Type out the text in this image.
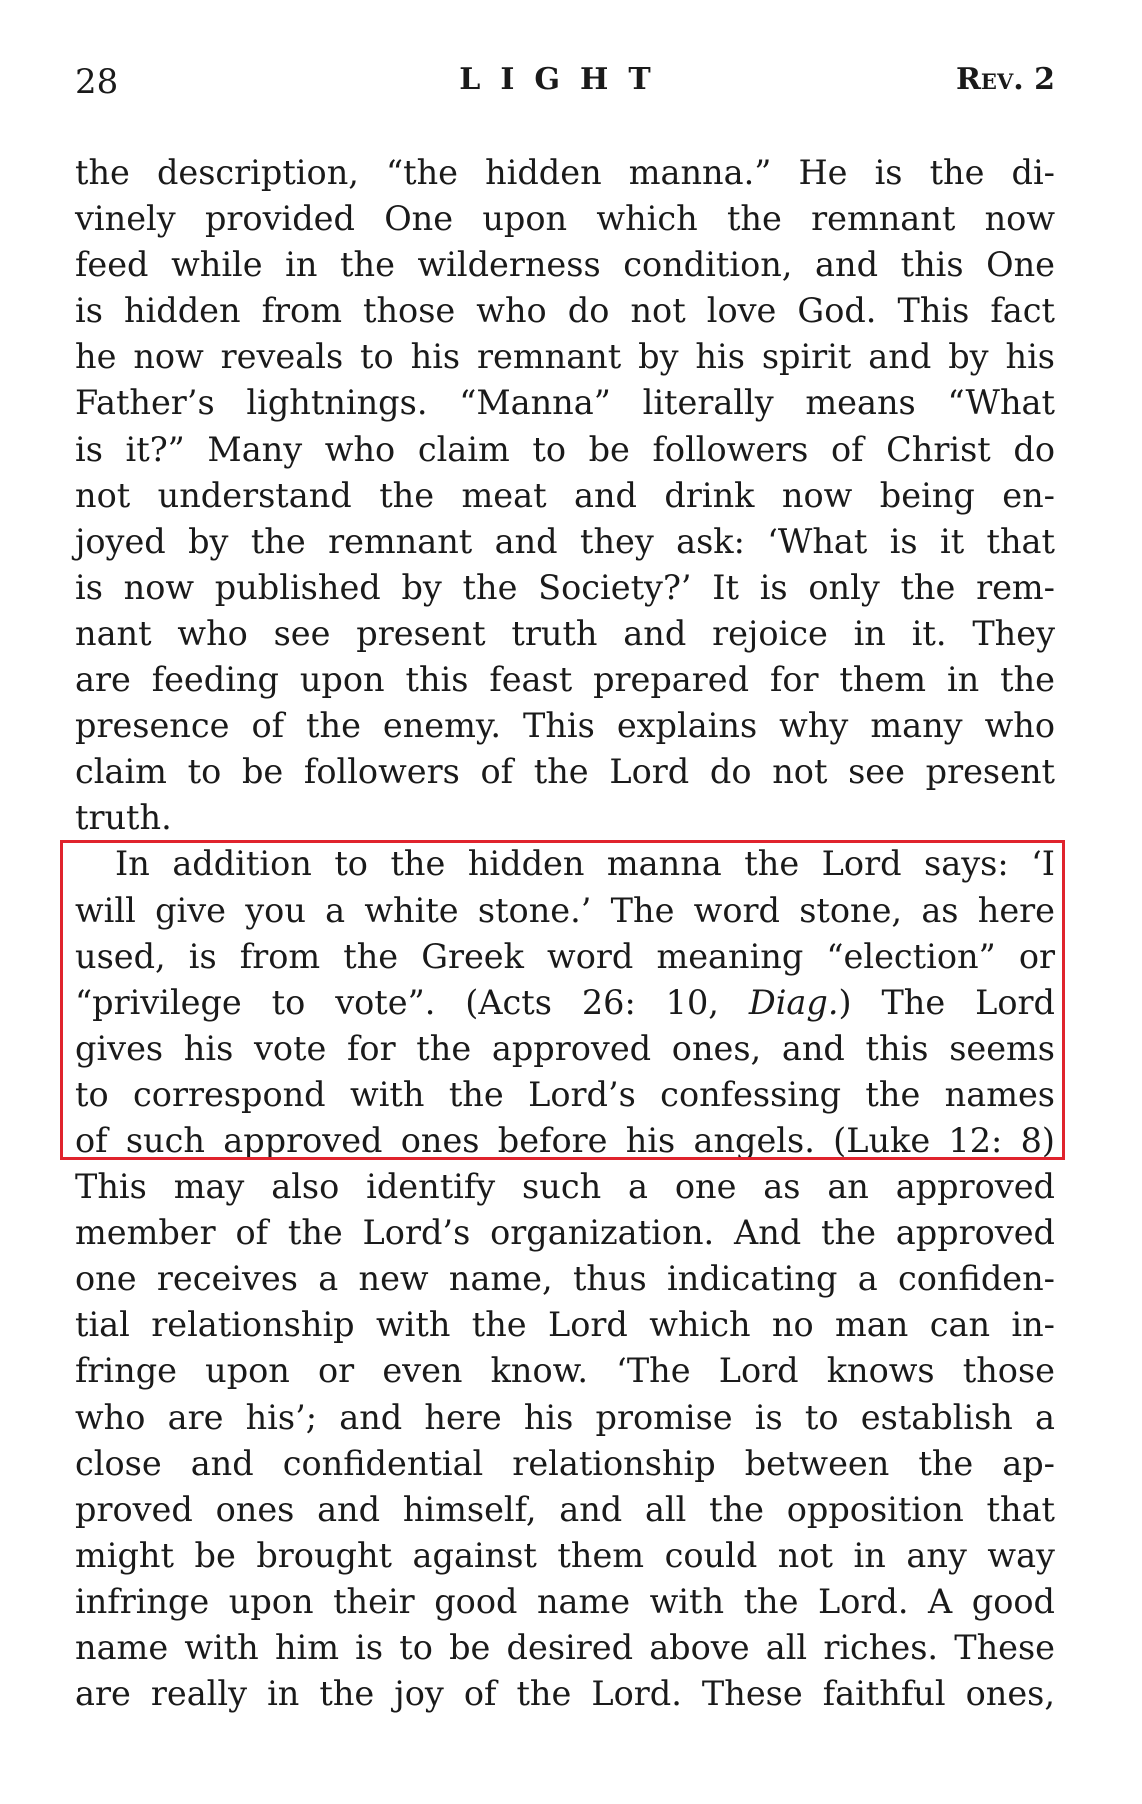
28	LIGHT	Rev. 2
the description, “the hidden manna.” He is the di-
vinely provided One upon which the remnant now
feed while in the wilderness condition, and this One
is hidden from those who do not love God. This fact
he now reveals to his remnant by his spirit and by his
Father’s lightnings. “Manna” literally means “What
is it?” Many who claim to be followers of Christ do
not understand the meat and drink now being en-
joyed by the remnant and they ask: ‘What is it that
is now published by the Society?’ It is only the rem-
nant who see present truth and rejoice in it. They
are feeding upon this feast prepared for them in the
presence of the enemy. This explains why many who
claim to be followers of the Lord do not see present
truth.
In addition to the hidden manna the Lord says: ‘I
will give you a white stone.’ The word stone, as here
used, is from the Greek word meaning “election” or
“privilege to vote”. (Acts 26: 10, Diag.) The Lord
gives his vote for the approved ones, and this seems
to correspond with the Lord’s confessing the names
of such approved ones before his angels. (Luke 12: 8)
This may also identify such a one as an approved
member of the Lord’s organization. And the approved
one receives a new name, thus indicating a confiden-
tial relationship with the Lord which no man can in-
fringe upon or even know. ‘The Lord knows those
who are his’; and here his promise is to establish a
close and confidential relationship between the ap-
proved ones and himself, and all the opposition that
might be brought against them could not in any way
infringe upon their good name with the Lord. A good
name with him is to be desired above all riches. These
are really in the joy of the Lord. These faithful ones,
